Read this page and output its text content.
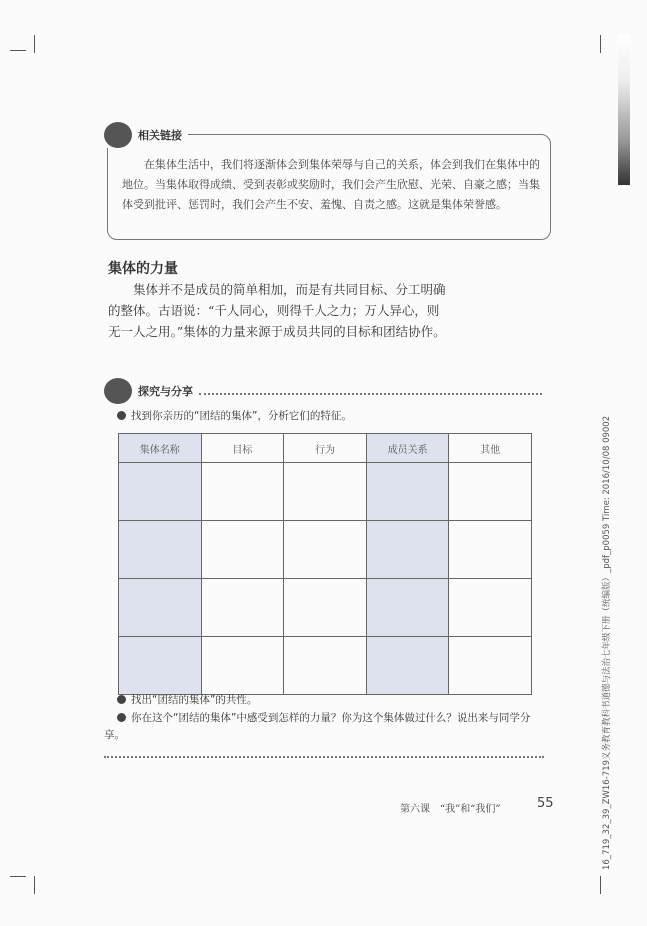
相关链接
在集体生活中，我们将逐渐体会到集体荣辱与自己的关系，体会到我们在集体中的地位。当集体取得成绩、受到表彰或奖励时，我们会产生欣慰、光荣、自豪之感；当集体受到批评、惩罚时，我们会产生不安、羞愧、自责之感。这就是集体荣誉感。
集体的力量
集体并不是成员的简单相加，而是有共同目标、分工明确的整体。古语说：“千人同心，则得千人之力；万人异心，则无一人之用。”集体的力量来源于成员共同的目标和团结协作。
探究与分享
找到你亲历的“团结的集体”，分析它们的特征。
集体名称	目标	行为	成员关系	其他

找出“团结的集体”的共性。
你在这个“团结的集体”中感受到怎样的力量？你为这个集体做过什么？说出来与同学分享。
第六课　“我”和“我们”	55	16_719_32_39_ZW16-719义务教育教科书道德与法治七年级下册（统编版）_pdf_p0059 Time: 2016/10/08 09002
